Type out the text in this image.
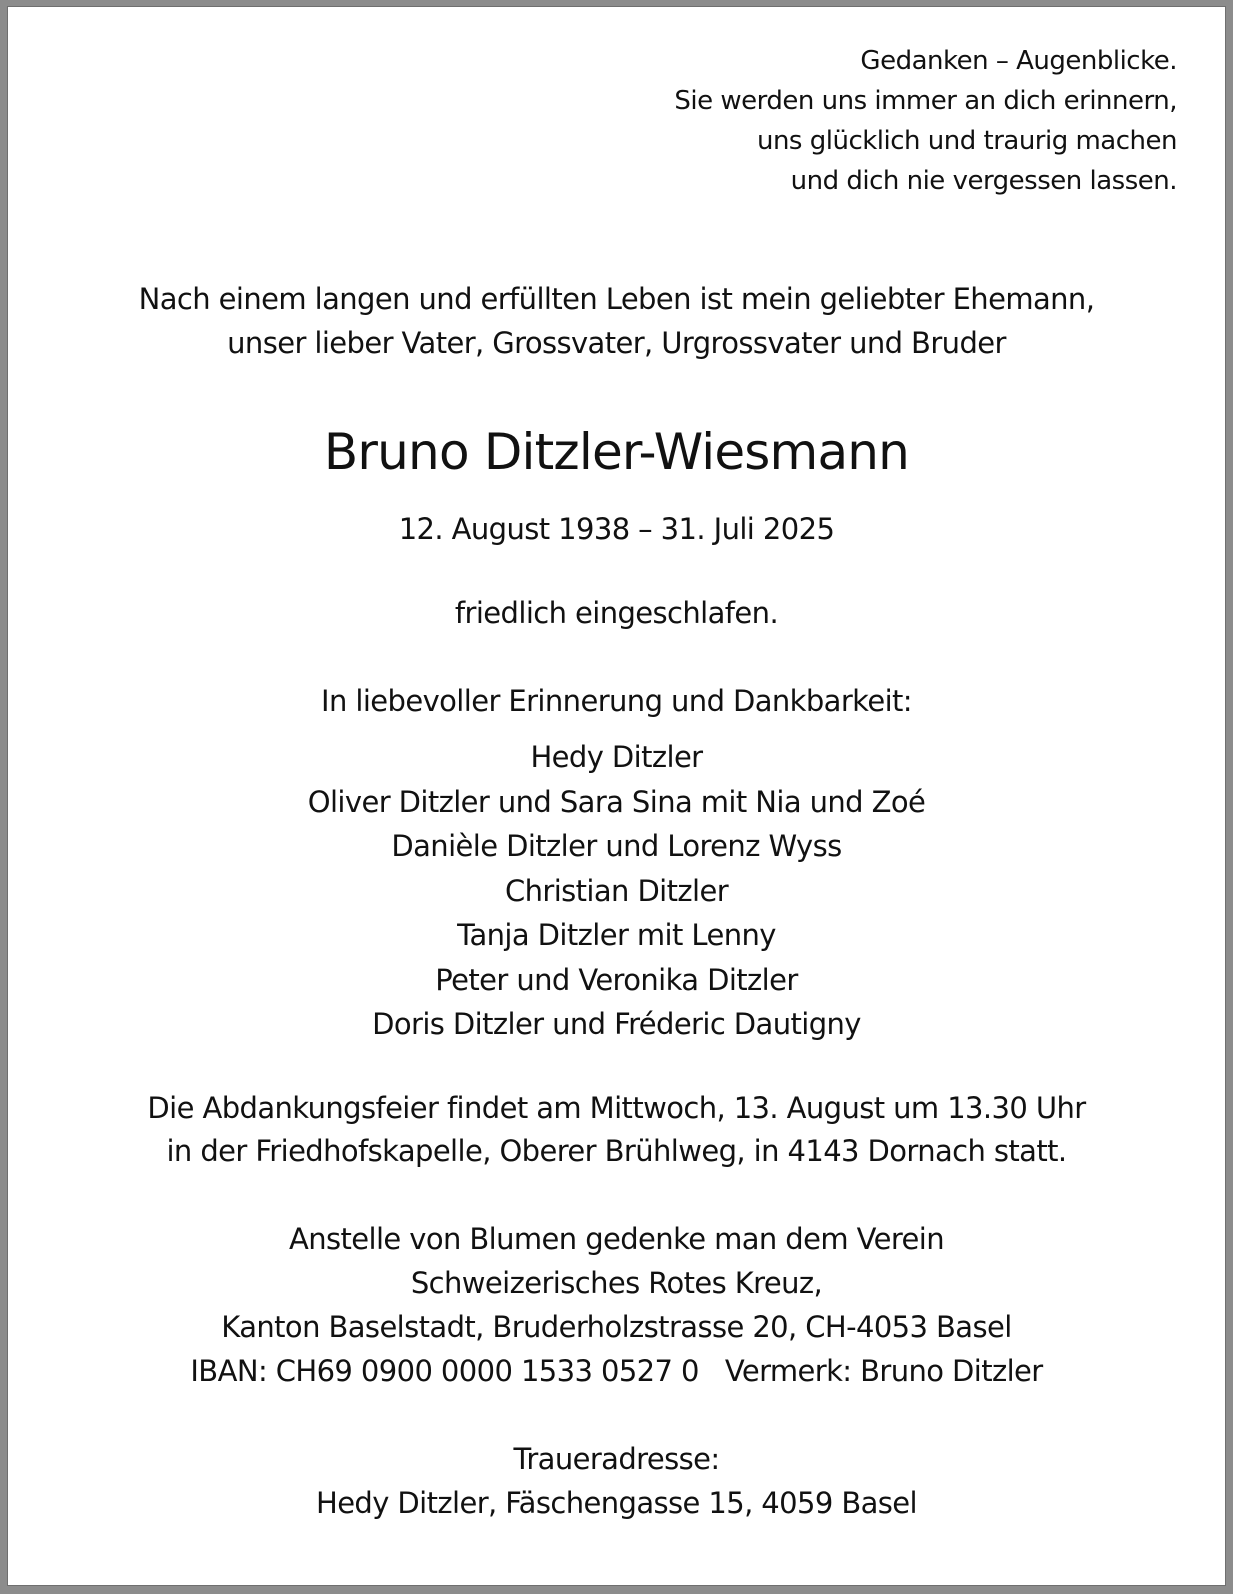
Gedanken – Augenblicke.
Sie werden uns immer an dich erinnern,
uns glücklich und traurig machen
und dich nie vergessen lassen.
Nach einem langen und erfüllten Leben ist mein geliebter Ehemann,
unser lieber Vater, Grossvater, Urgrossvater und Bruder
Bruno Ditzler-Wiesmann
12. August 1938 – 31. Juli 2025
friedlich eingeschlafen.
In liebevoller Erinnerung und Dankbarkeit:
Hedy Ditzler
Oliver Ditzler und Sara Sina mit Nia und Zoé
Danièle Ditzler und Lorenz Wyss
Christian Ditzler
Tanja Ditzler mit Lenny
Peter und Veronika Ditzler
Doris Ditzler und Fréderic Dautigny
Die Abdankungsfeier findet am Mittwoch, 13. August um 13.30 Uhr
in der Friedhofskapelle, Oberer Brühlweg, in 4143 Dornach statt.
Anstelle von Blumen gedenke man dem Verein
Schweizerisches Rotes Kreuz,
Kanton Baselstadt, Bruderholzstrasse 20, CH-4053 Basel
IBAN: CH69 0900 0000 1533 0527 0 Vermerk: Bruno Ditzler
Traueradresse:
Hedy Ditzler, Fäschengasse 15, 4059 Basel
